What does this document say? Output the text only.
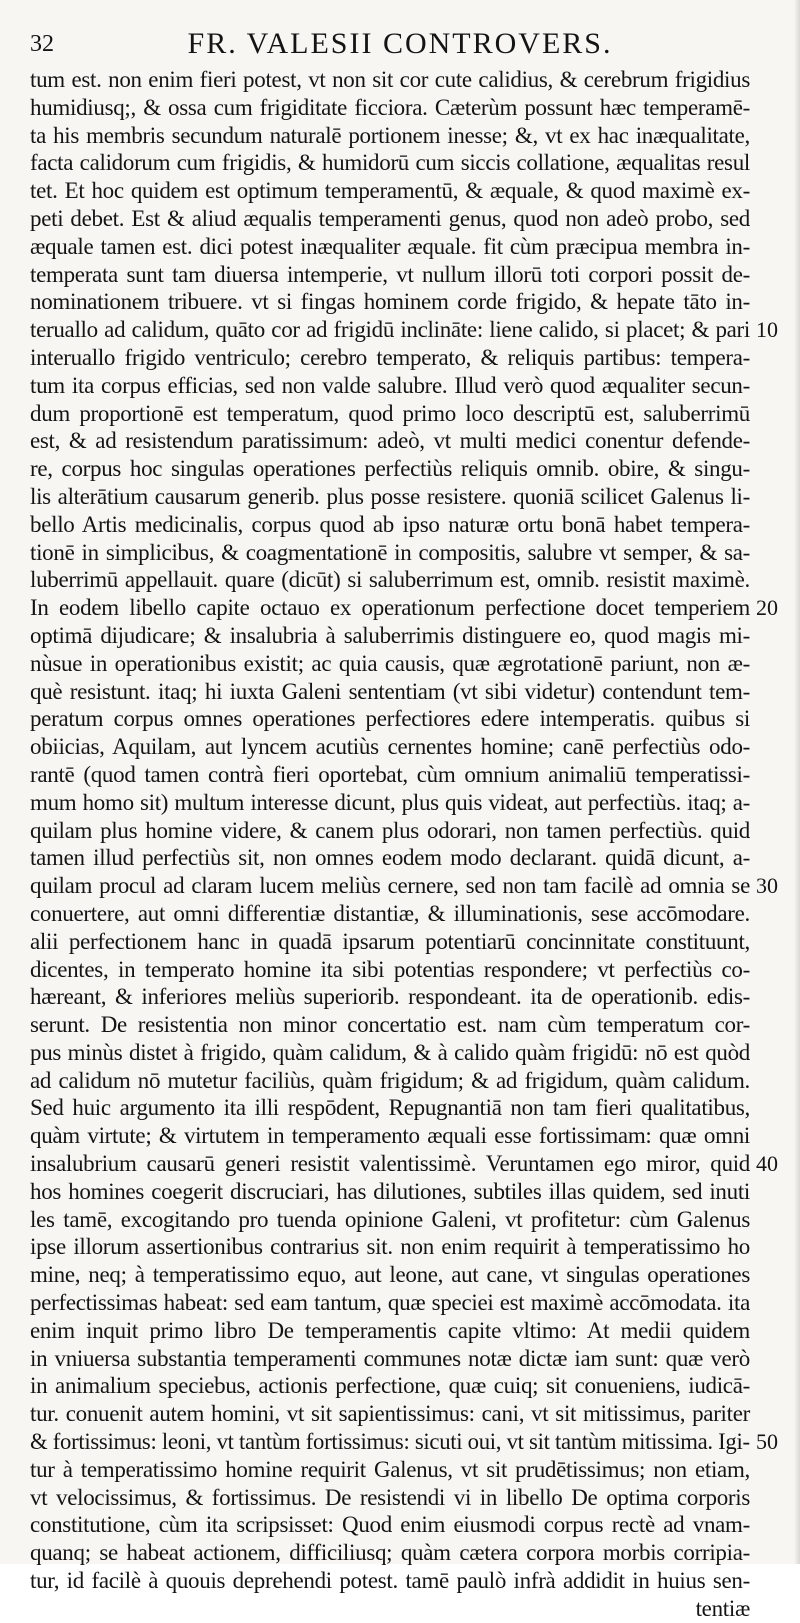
32	FR. VALESII CONTROVERS.
tum est. non enim fieri potest, vt non sit cor cute calidius, & cerebrum frigidius
humidiusq;, & ossa cum frigiditate ficciora. Cæterùm possunt hæc temperamē-
ta his membris secundum naturalē portionem inesse; &, vt ex hac inæqualitate,
facta calidorum cum frigidis, & humidorū cum siccis collatione, æqualitas resul
tet. Et hoc quidem est optimum temperamentū, & æquale, & quod maximè ex-
peti debet. Est & aliud æqualis temperamenti genus, quod non adeò probo, sed
æquale tamen est. dici potest inæqualiter æquale. fit cùm præcipua membra in-
temperata sunt tam diuersa intemperie, vt nullum illorū toti corpori possit de-
nominationem tribuere. vt si fingas hominem corde frigido, & hepate tāto in-
teruallo ad calidum, quāto cor ad frigidū inclināte: liene calido, si placet; & pari
interuallo frigido ventriculo; cerebro temperato, & reliquis partibus: tempera-
tum ita corpus efficias, sed non valde salubre. Illud verò quod æqualiter secun-
dum proportionē est temperatum, quod primo loco descriptū est, saluberrimū
est, & ad resistendum paratissimum: adeò, vt multi medici conentur defende-
re, corpus hoc singulas operationes perfectiùs reliquis omnib. obire, & singu-
lis alterātium causarum generib. plus posse resistere. quoniā scilicet Galenus li-
bello Artis medicinalis, corpus quod ab ipso naturæ ortu bonā habet tempera-
tionē in simplicibus, & coagmentationē in compositis, salubre vt semper, & sa-
luberrimū appellauit. quare (dicūt) si saluberrimum est, omnib. resistit maximè.
In eodem libello capite octauo ex operationum perfectione docet temperiem
optimā dijudicare; & insalubria à saluberrimis distinguere eo, quod magis mi-
nùsue in operationibus existit; ac quia causis, quæ ægrotationē pariunt, non æ-
què resistunt. itaq; hi iuxta Galeni sententiam (vt sibi videtur) contendunt tem-
peratum corpus omnes operationes perfectiores edere intemperatis. quibus si
obiicias, Aquilam, aut lyncem acutiùs cernentes homine; canē perfectiùs odo-
rantē (quod tamen contrà fieri oportebat, cùm omnium animaliū temperatissi-
mum homo sit) multum interesse dicunt, plus quis videat, aut perfectiùs. itaq; a-
quilam plus homine videre, & canem plus odorari, non tamen perfectiùs. quid
tamen illud perfectiùs sit, non omnes eodem modo declarant. quidā dicunt, a-
quilam procul ad claram lucem meliùs cernere, sed non tam facilè ad omnia se
conuertere, aut omni differentiæ distantiæ, & illuminationis, sese accōmodare.
alii perfectionem hanc in quadā ipsarum potentiarū concinnitate constituunt,
dicentes, in temperato homine ita sibi potentias respondere; vt perfectiùs co-
hæreant, & inferiores meliùs superiorib. respondeant. ita de operationib. edis-
serunt. De resistentia non minor concertatio est. nam cùm temperatum cor-
pus minùs distet à frigido, quàm calidum, & à calido quàm frigidū: nō est quòd
ad calidum nō mutetur faciliùs, quàm frigidum; & ad frigidum, quàm calidum.
Sed huic argumento ita illi respōdent, Repugnantiā non tam fieri qualitatibus,
quàm virtute; & virtutem in temperamento æquali esse fortissimam: quæ omni
insalubrium causarū generi resistit valentissimè. Veruntamen ego miror, quid
hos homines coegerit discruciari, has dilutiones, subtiles illas quidem, sed inuti
les tamē, excogitando pro tuenda opinione Galeni, vt profitetur: cùm Galenus
ipse illorum assertionibus contrarius sit. non enim requirit à temperatissimo ho
mine, neq; à temperatissimo equo, aut leone, aut cane, vt singulas operationes
perfectissimas habeat: sed eam tantum, quæ speciei est maximè accōmodata. ita
enim inquit primo libro De temperamentis capite vltimo: At medii quidem
in vniuersa substantia temperamenti communes notæ dictæ iam sunt: quæ verò
in animalium speciebus, actionis perfectione, quæ cuiq; sit conueniens, iudicā-
tur. conuenit autem homini, vt sit sapientissimus: cani, vt sit mitissimus, pariter
& fortissimus: leoni, vt tantùm fortissimus: sicuti oui, vt sit tantùm mitissima. Igi-
tur à temperatissimo homine requirit Galenus, vt sit prudētissimus; non etiam,
vt velocissimus, & fortissimus. De resistendi vi in libello De optima corporis
constitutione, cùm ita scripsisset: Quod enim eiusmodi corpus rectè ad vnam-
quanq; se habeat actionem, difficiliusq; quàm cætera corpora morbis corripia-
tur, id facilè à quouis deprehendi potest. tamē paulò infrà addidit in huius sen-
tentiæ
10
20
30
40
50
